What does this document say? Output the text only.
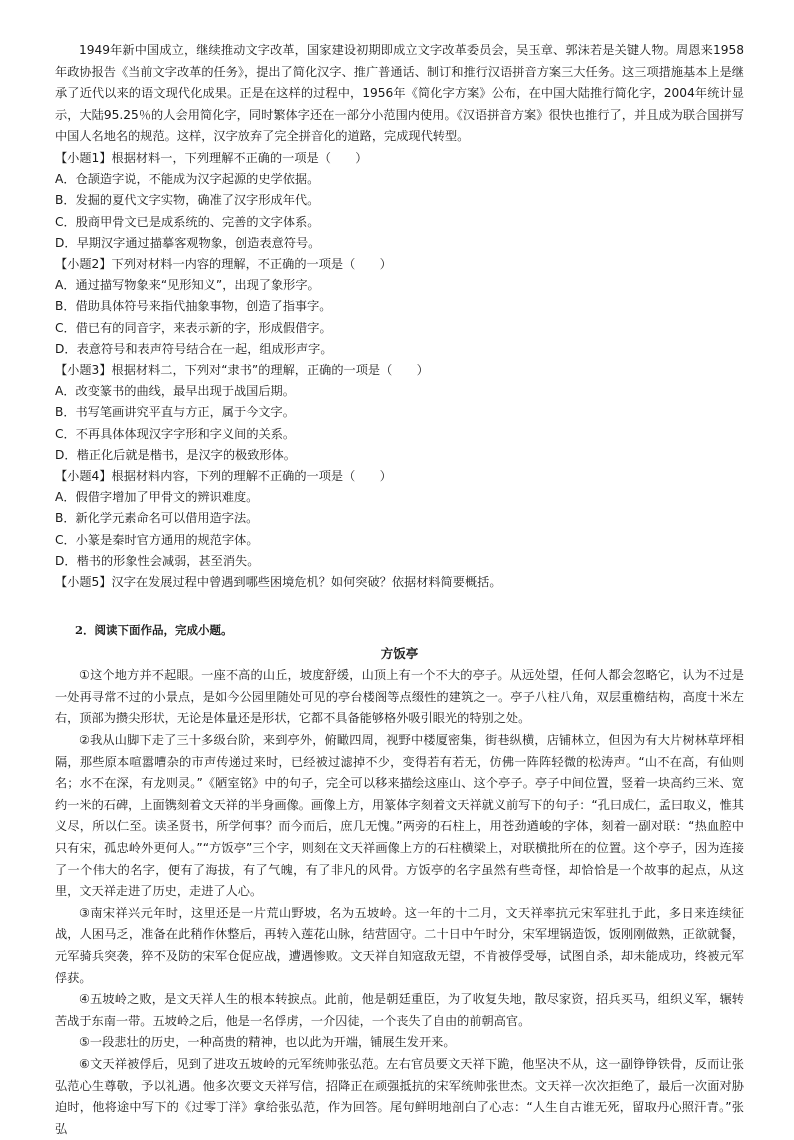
1949年新中国成立，继续推动文字改革，国家建设初期即成立文字改革委员会，吴玉章、郭沫若是关键人物。周恩来1958年政协报告《当前文字改革的任务》，提出了简化汉字、推广普通话、制订和推行汉语拼音方案三大任务。这三项措施基本上是继承了近代以来的语文现代化成果。正是在这样的过程中，1956年《简化字方案》公布，在中国大陆推行简化字，2004年统计显示，大陆95.25％的人会用简化字，同时繁体字还在一部分小范围内使用。《汉语拼音方案》很快也推行了，并且成为联合国拼写中国人名地名的规范。这样，汉字放弃了完全拼音化的道路，完成现代转型。

【小题1】根据材料一，下列理解不正确的一项是（　　）

A．仓颉造字说，不能成为汉字起源的史学依据。

B．发掘的夏代文字实物，确准了汉字形成年代。

C．殷商甲骨文已是成系统的、完善的文字体系。

D．早期汉字通过描摹客观物象，创造表意符号。

【小题2】下列对材料一内容的理解，不正确的一项是（　　）

A．通过描写物象来“见形知义”，出现了象形字。

B．借助具体符号来指代抽象事物，创造了指事字。

C．借已有的同音字，来表示新的字，形成假借字。

D．表意符号和表声符号结合在一起，组成形声字。

【小题3】根据材料二，下列对“隶书”的理解，正确的一项是（　　）

A．改变篆书的曲线，最早出现于战国后期。

B．书写笔画讲究平直与方正，属于今文字。

C．不再具体体现汉字字形和字义间的关系。

D．楷正化后就是楷书，是汉字的极致形体。

【小题4】根据材料内容，下列的理解不正确的一项是（　　）

A．假借字增加了甲骨文的辨识难度。

B．新化学元素命名可以借用造字法。

C．小篆是秦时官方通用的规范字体。

D．楷书的形象性会减弱，甚至消失。

【小题5】汉字在发展过程中曾遇到哪些困境危机？如何突破？依据材料简要概括。

2．阅读下面作品，完成小题。

方饭亭

①这个地方并不起眼。一座不高的山丘，坡度舒缓，山顶上有一个不大的亭子。从远处望，任何人都会忽略它，认为不过是一处再寻常不过的小景点，是如今公园里随处可见的亭台楼阁等点缀性的建筑之一。亭子八柱八角，双层重檐结构，高度十米左右，顶部为攒尖形状，无论是体量还是形状，它都不具备能够格外吸引眼光的特别之处。

②我从山脚下走了三十多级台阶，来到亭外，俯瞰四周，视野中楼厦密集，街巷纵横，店铺林立，但因为有大片树林草坪相隔，那些原本喧嚣嘈杂的市声传递过来时，已经被过滤掉不少，变得若有若无，仿佛一阵阵轻微的松涛声。“山不在高，有仙则名；水不在深，有龙则灵。”《陋室铭》中的句子，完全可以移来描绘这座山、这个亭子。亭子中间位置，竖着一块高约三米、宽约一米的石碑，上面镌刻着文天祥的半身画像。画像上方，用篆体字刻着文天祥就义前写下的句子：“孔曰成仁，孟曰取义，惟其义尽，所以仁至。读圣贤书，所学何事？而今而后，庶几无愧。”两旁的石柱上，用苍劲遒峻的字体，刻着一副对联：“热血腔中只有宋，孤忠岭外更何人。”“方饭亭”三个字，则刻在文天祥画像上方的石柱横梁上，对联横批所在的位置。这个亭子，因为连接了一个伟大的名字，便有了海拔，有了气魄，有了非凡的风骨。方饭亭的名字虽然有些奇怪，却恰恰是一个故事的起点，从这里，文天祥走进了历史，走进了人心。

③南宋祥兴元年时，这里还是一片荒山野坡，名为五坡岭。这一年的十二月，文天祥率抗元宋军驻扎于此，多日来连续征战，人困马乏，准备在此稍作休整后，再转入莲花山脉，结营固守。二十日中午时分，宋军埋锅造饭，饭刚刚做熟，正欲就餐，元军骑兵突袭，猝不及防的宋军仓促应战，遭遇惨败。文天祥自知寇敌无望，不肯被俘受辱，试图自杀，却未能成功，终被元军俘获。

④五坡岭之败，是文天祥人生的根本转捩点。此前，他是朝廷重臣，为了收复失地，散尽家资，招兵买马，组织义军，辗转苦战于东南一带。五坡岭之后，他是一名俘虏，一介囚徒，一个丧失了自由的前朝高官。

⑤一段悲壮的历史，一种高贵的精神，也以此为开端，铺展生发开来。

⑥文天祥被俘后，见到了进攻五坡岭的元军统帅张弘范。左右官员要文天祥下跪，他坚决不从，这一副铮铮铁骨，反而让张弘范心生尊敬，予以礼遇。他多次要文天祥写信，招降正在顽强抵抗的宋军统帅张世杰。文天祥一次次拒绝了，最后一次面对胁迫时，他将途中写下的《过零丁洋》拿给张弘范，作为回答。尾句鲜明地剖白了心志：“人生自古谁无死，留取丹心照汗青。”张弘
